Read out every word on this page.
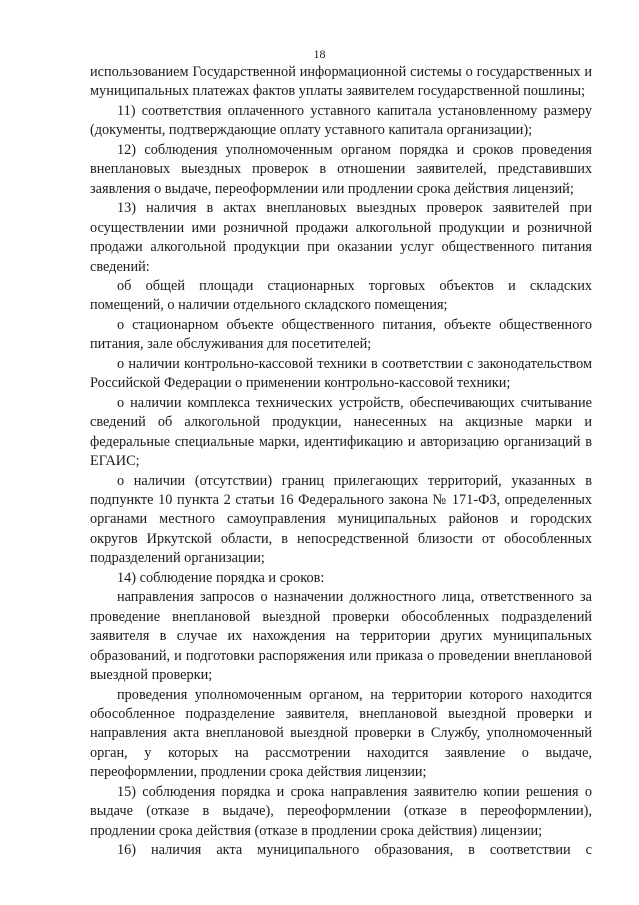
18

использованием Государственной информационной системы о государственных и муниципальных платежах фактов уплаты заявителем государственной пошлины;

11) соответствия оплаченного уставного капитала установленному размеру (документы, подтверждающие оплату уставного капитала организации);

12) соблюдения уполномоченным органом порядка и сроков проведения внеплановых выездных проверок в отношении заявителей, представивших заявления о выдаче, переоформлении или продлении срока действия лицензий;

13) наличия в актах внеплановых выездных проверок заявителей при осуществлении ими розничной продажи алкогольной продукции и розничной продажи алкогольной продукции при оказании услуг общественного питания сведений:

об общей площади стационарных торговых объектов и складских помещений, о наличии отдельного складского помещения;

о стационарном объекте общественного питания, объекте общественного питания, зале обслуживания для посетителей;

о наличии контрольно-кассовой техники в соответствии с законодательством Российской Федерации о применении контрольно-кассовой техники;

о наличии комплекса технических устройств, обеспечивающих считывание сведений об алкогольной продукции, нанесенных на акцизные марки и федеральные специальные марки, идентификацию и авторизацию организаций в ЕГАИС;

о наличии (отсутствии) границ прилегающих территорий, указанных в подпункте 10 пункта 2 статьи 16 Федерального закона № 171-ФЗ, определенных органами местного самоуправления муниципальных районов и городских округов Иркутской области, в непосредственной близости от обособленных подразделений организации;

14) соблюдение порядка и сроков:

направления запросов о назначении должностного лица, ответственного за проведение внеплановой выездной проверки обособленных подразделений заявителя в случае их нахождения на территории других муниципальных образований, и подготовки распоряжения или приказа о проведении внеплановой выездной проверки;

проведения уполномоченным органом, на территории которого находится обособленное подразделение заявителя, внеплановой выездной проверки и направления акта внеплановой выездной проверки в Службу, уполномоченный орган, у которых на рассмотрении находится заявление о выдаче, переоформлении, продлении срока действия лицензии;

15) соблюдения порядка и срока направления заявителю копии решения о выдаче (отказе в выдаче), переоформлении (отказе в переоформлении), продлении срока действия (отказе в продлении срока действия) лицензии;

16) наличия акта муниципального образования, в соответствии с
